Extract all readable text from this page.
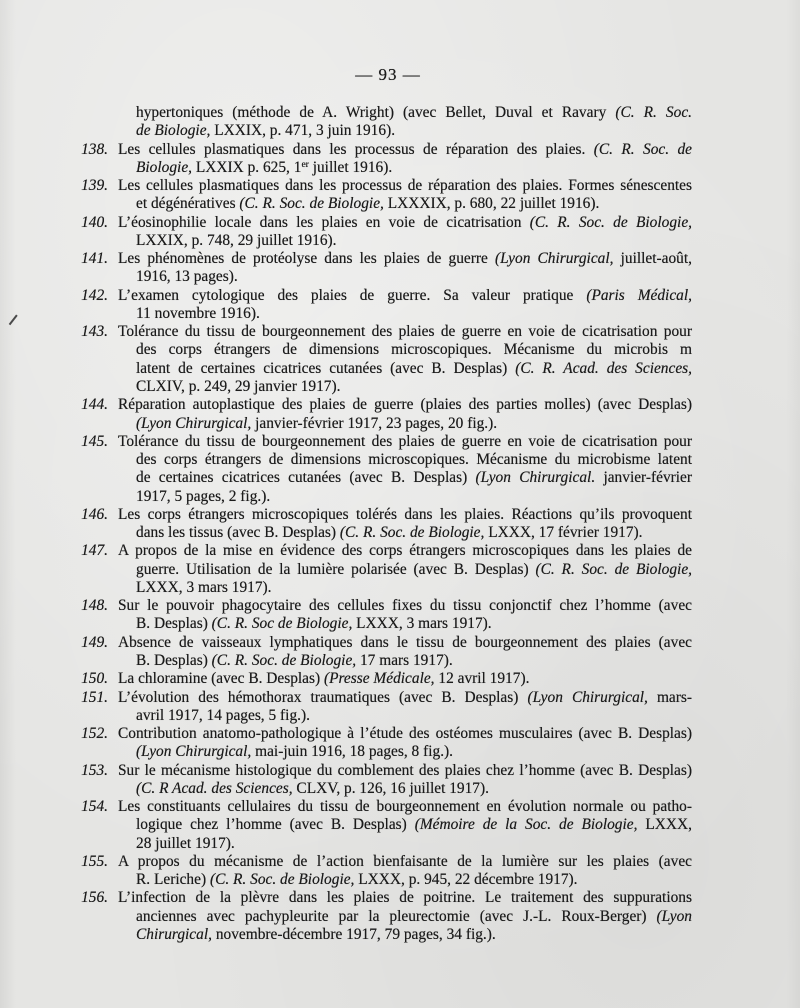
— 93 —
hypertoniques (méthode de A. Wright) (avec Bellet, Duval et Ravary (C. R. Soc.
de Biologie, LXXIX, p. 471, 3 juin 1916).
138. Les cellules plasmatiques dans les processus de réparation des plaies. (C. R. Soc. de
Biologie, LXXIX p. 625, 1er juillet 1916).
139. Les cellules plasmatiques dans les processus de réparation des plaies. Formes sénescentes
et dégénératives (C. R. Soc. de Biologie, LXXXIX, p. 680, 22 juillet 1916).
140. L’éosinophilie locale dans les plaies en voie de cicatrisation (C. R. Soc. de Biologie,
LXXIX, p. 748, 29 juillet 1916).
141. Les phénomènes de protéolyse dans les plaies de guerre (Lyon Chirurgical, juillet-août,
1916, 13 pages).
142. L’examen cytologique des plaies de guerre. Sa valeur pratique (Paris Médical,
11 novembre 1916).
143. Tolérance du tissu de bourgeonnement des plaies de guerre en voie de cicatrisation pour
des corps étrangers de dimensions microscopiques. Mécanisme du microbis m
latent de certaines cicatrices cutanées (avec B. Desplas) (C. R. Acad. des Sciences,
CLXIV, p. 249, 29 janvier 1917).
144. Réparation autoplastique des plaies de guerre (plaies des parties molles) (avec Desplas)
(Lyon Chirurgical, janvier-février 1917, 23 pages, 20 fig.).
145. Tolérance du tissu de bourgeonnement des plaies de guerre en voie de cicatrisation pour
des corps étrangers de dimensions microscopiques. Mécanisme du microbisme latent
de certaines cicatrices cutanées (avec B. Desplas) (Lyon Chirurgical. janvier-février
1917, 5 pages, 2 fig.).
146. Les corps étrangers microscopiques tolérés dans les plaies. Réactions qu’ils provoquent
dans les tissus (avec B. Desplas) (C. R. Soc. de Biologie, LXXX, 17 février 1917).
147. A propos de la mise en évidence des corps étrangers microscopiques dans les plaies de
guerre. Utilisation de la lumière polarisée (avec B. Desplas) (C. R. Soc. de Biologie,
LXXX, 3 mars 1917).
148. Sur le pouvoir phagocytaire des cellules fixes du tissu conjonctif chez l’homme (avec
B. Desplas) (C. R. Soc de Biologie, LXXX, 3 mars 1917).
149. Absence de vaisseaux lymphatiques dans le tissu de bourgeonnement des plaies (avec
B. Desplas) (C. R. Soc. de Biologie, 17 mars 1917).
150. La chloramine (avec B. Desplas) (Presse Médicale, 12 avril 1917).
151. L’évolution des hémothorax traumatiques (avec B. Desplas) (Lyon Chirurgical, mars-
avril 1917, 14 pages, 5 fig.).
152. Contribution anatomo-pathologique à l’étude des ostéomes musculaires (avec B. Desplas)
(Lyon Chirurgical, mai-juin 1916, 18 pages, 8 fig.).
153. Sur le mécanisme histologique du comblement des plaies chez l’homme (avec B. Desplas)
(C. R Acad. des Sciences, CLXV, p. 126, 16 juillet 1917).
154. Les constituants cellulaires du tissu de bourgeonnement en évolution normale ou patho-
logique chez l’homme (avec B. Desplas) (Mémoire de la Soc. de Biologie, LXXX,
28 juillet 1917).
155. A propos du mécanisme de l’action bienfaisante de la lumière sur les plaies (avec
R. Leriche) (C. R. Soc. de Biologie, LXXX, p. 945, 22 décembre 1917).
156. L’infection de la plèvre dans les plaies de poitrine. Le traitement des suppurations
anciennes avec pachypleurite par la pleurectomie (avec J.-L. Roux-Berger) (Lyon
Chirurgical, novembre-décembre 1917, 79 pages, 34 fig.).
